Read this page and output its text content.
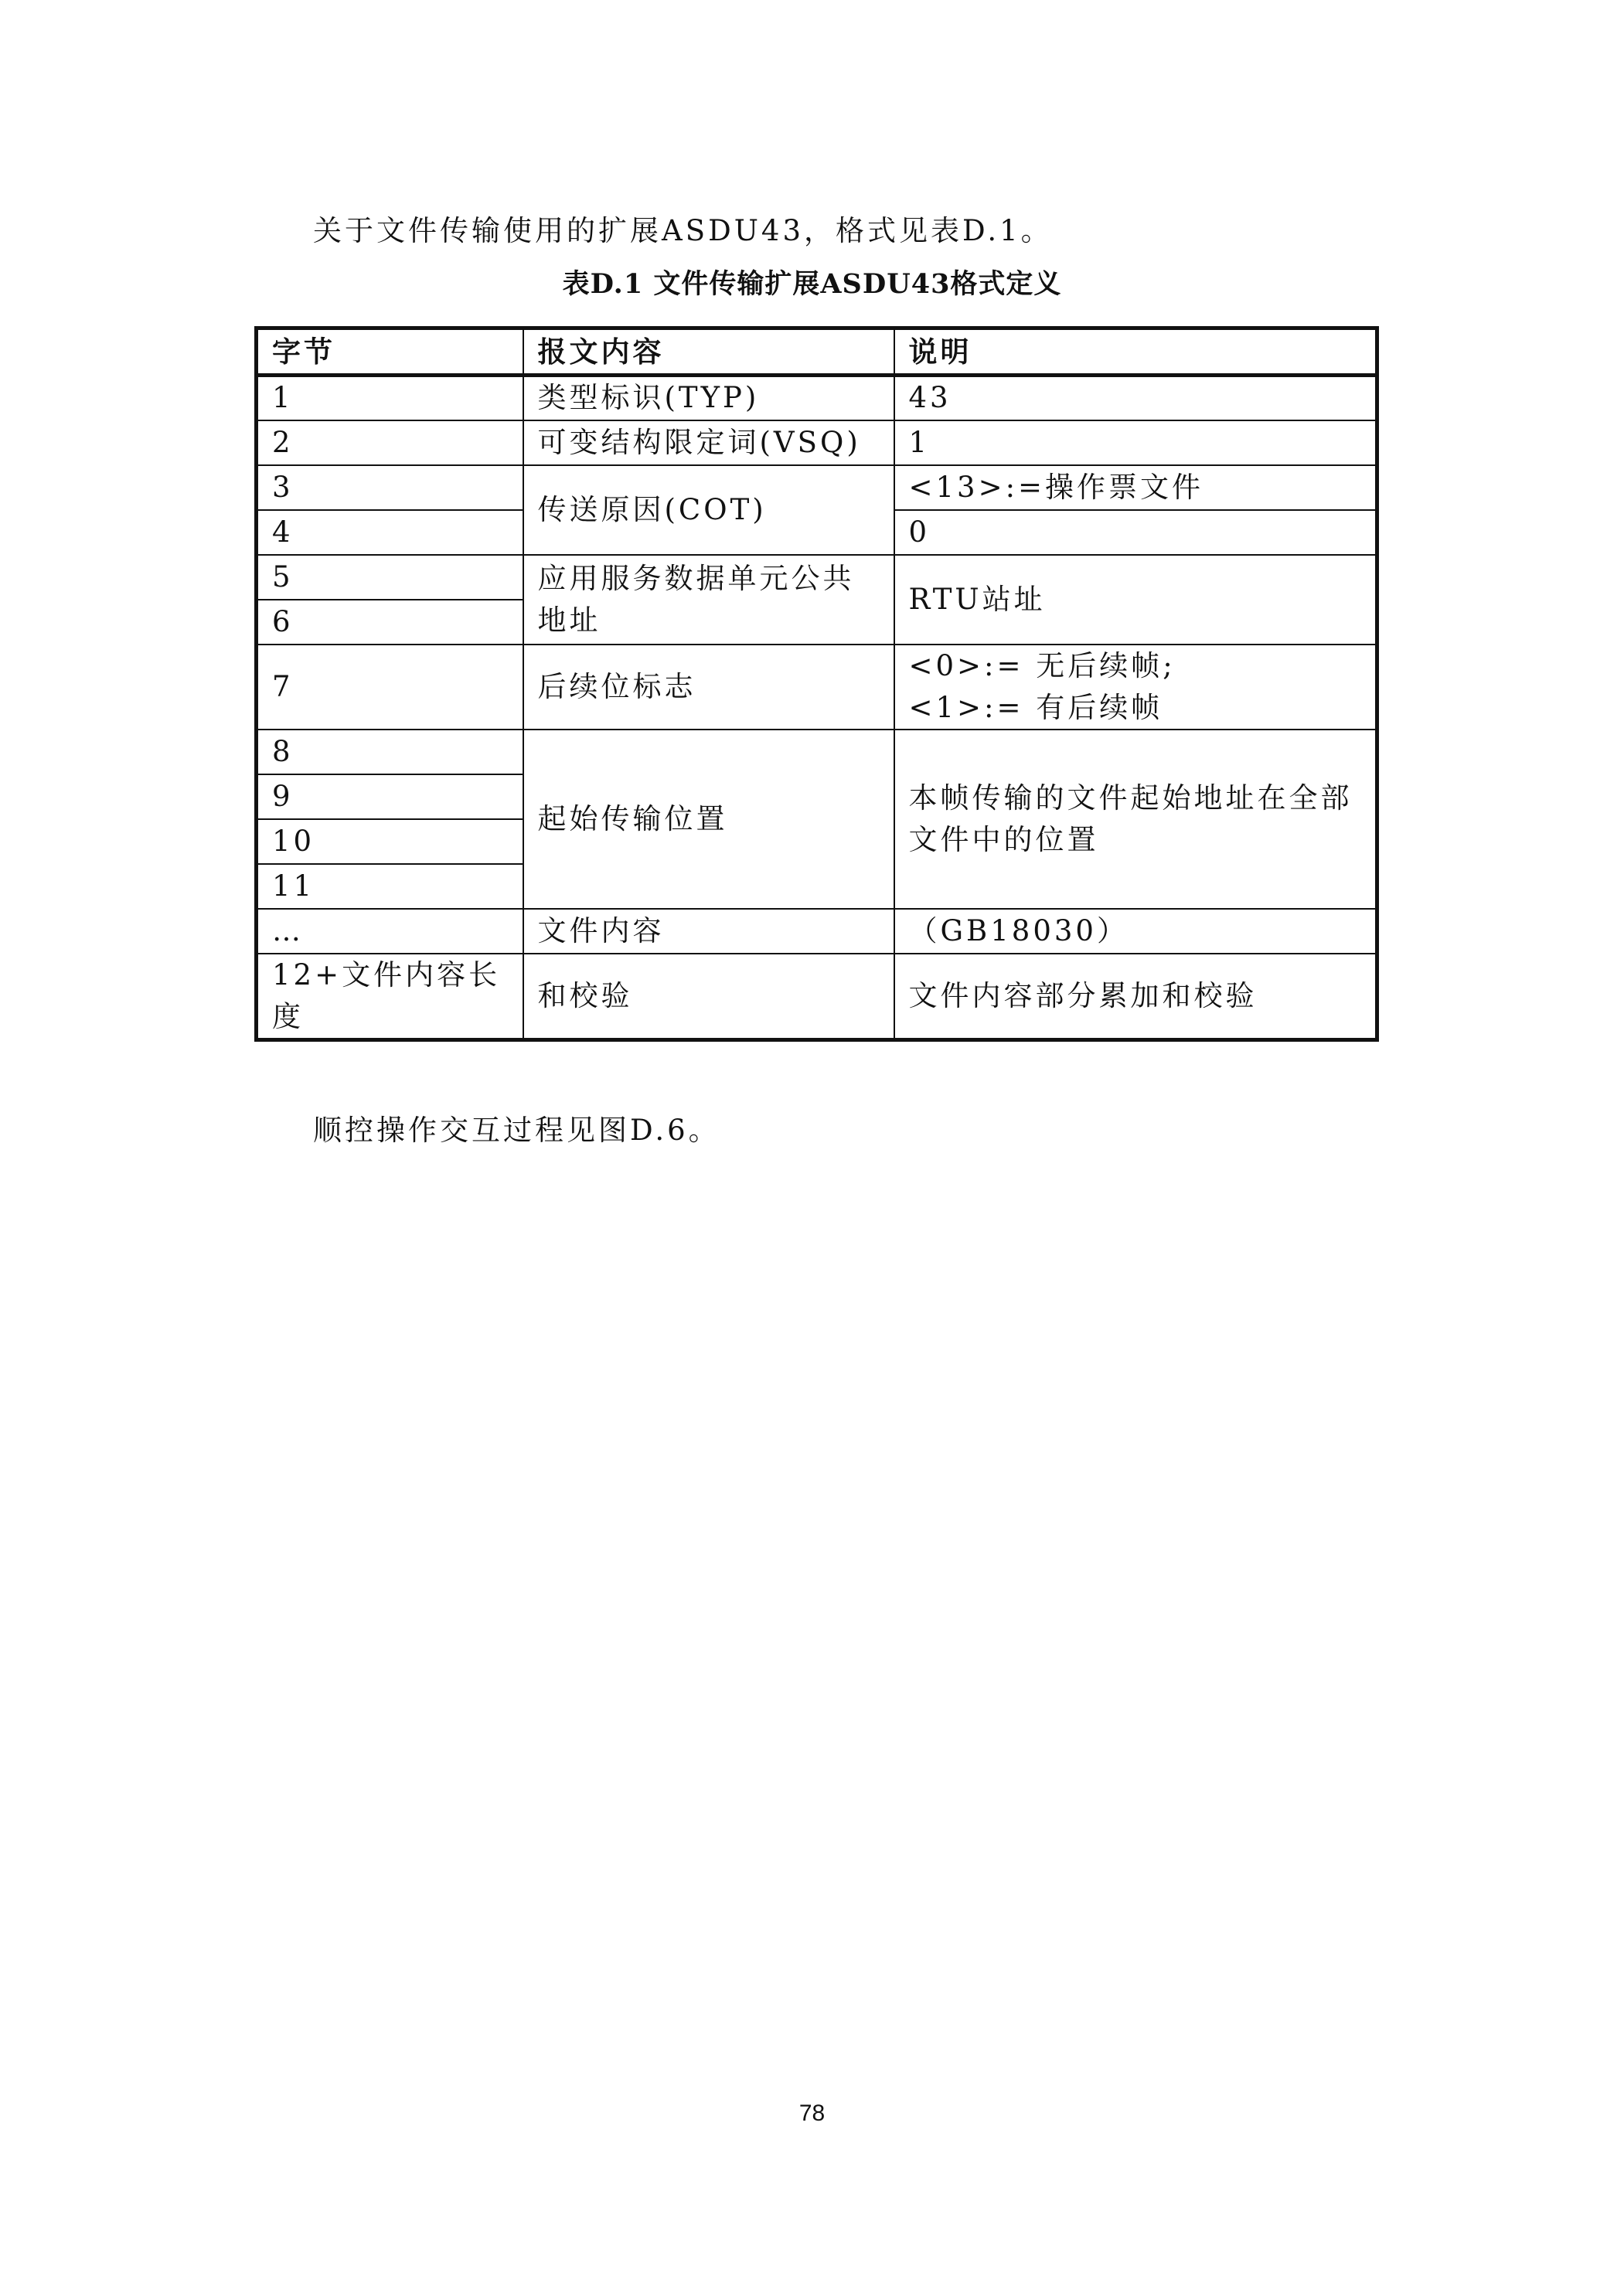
关于文件传输使用的扩展ASDU43，格式见表D.1。
表D.1 文件传输扩展ASDU43格式定义
字节	报文内容	说明
1	类型标识(TYP)	43
2	可变结构限定词(VSQ)	1
3	传送原因(COT)	<13>:=操作票文件
4		0
5	应用服务数据单元公共地址	RTU站址
6		
7	后续位标志	<0>:= 无后续帧;
<1>:= 有后续帧

8	起始传输位置	本帧传输的文件起始地址在全部文件中的位置
9		
10		
11		
…	文件内容	（GB18030）
12+文件内容长度	和校验	文件内容部分累加和校验
顺控操作交互过程见图D.6。
78
